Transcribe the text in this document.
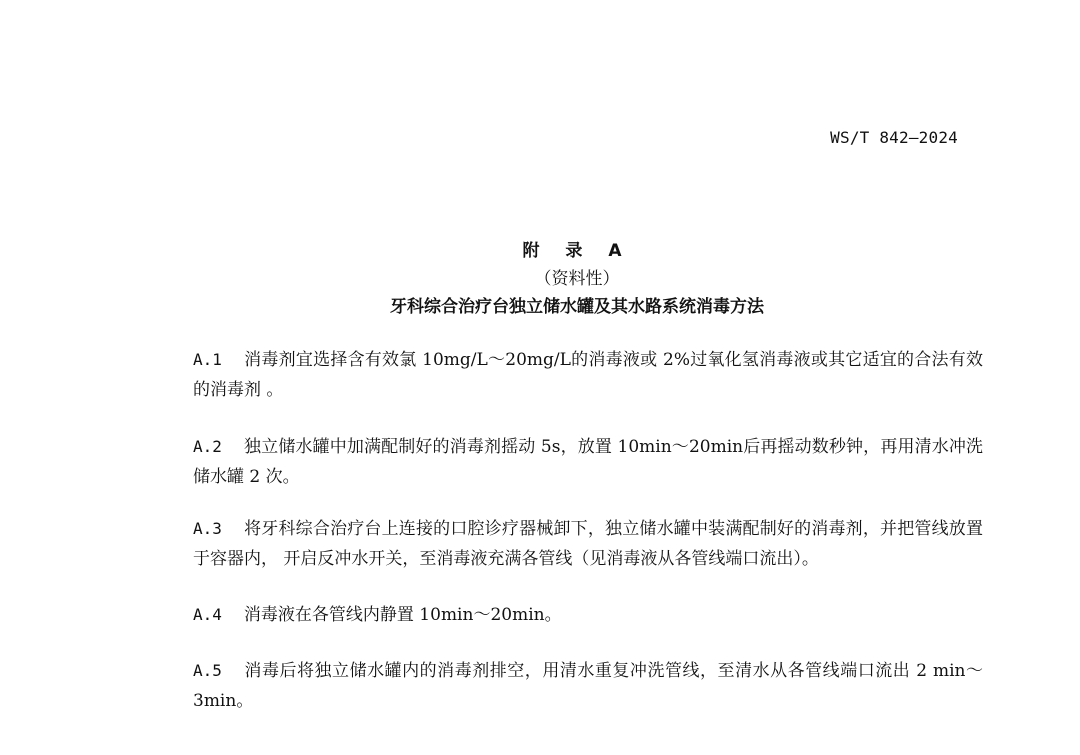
WS/T 842—2024
附 录 A
（资料性）
牙科综合治疗台独立储水罐及其水路系统消毒方法
A.1 消毒剂宜选择含有效氯 10mg/L～20mg/L的消毒液或 2%过氧化氢消毒液或其它适宜的合法有效的消毒剂 。
A.2 独立储水罐中加满配制好的消毒剂摇动 5s，放置 10min～20min后再摇动数秒钟，再用清水冲洗储水罐 2 次。
A.3 将牙科综合治疗台上连接的口腔诊疗器械卸下，独立储水罐中装满配制好的消毒剂，并把管线放置于容器内， 开启反冲水开关，至消毒液充满各管线（见消毒液从各管线端口流出）。
A.4 消毒液在各管线内静置 10min～20min。
A.5 消毒后将独立储水罐内的消毒剂排空，用清水重复冲洗管线，至清水从各管线端口流出 2 min～3min。
